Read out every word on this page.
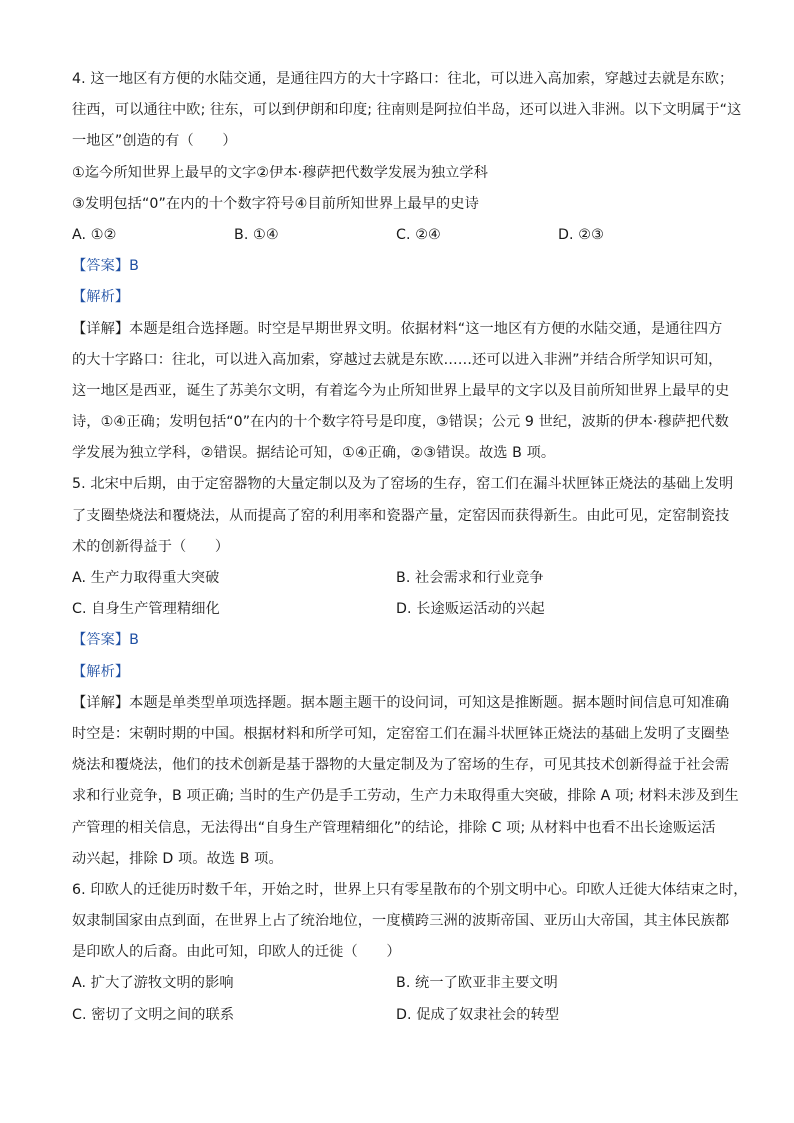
4. 这一地区有方便的水陆交通，是通往四方的大十字路口：往北，可以进入高加索，穿越过去就是东欧；
往西，可以通往中欧; 往东，可以到伊朗和印度; 往南则是阿拉伯半岛，还可以进入非洲。以下文明属于“这
一地区”创造的有（　　）
①迄今所知世界上最早的文字②伊本·穆萨把代数学发展为独立学科
③发明包括“0”在内的十个数字符号④目前所知世界上最早的史诗
A. ①②	B. ①④	C. ②④	D. ②③
【答案】B
【解析】
【详解】本题是组合选择题。时空是早期世界文明。依据材料“这一地区有方便的水陆交通，是通往四方
的大十字路口：往北，可以进入高加索，穿越过去就是东欧……还可以进入非洲”并结合所学知识可知，
这一地区是西亚，诞生了苏美尔文明，有着迄今为止所知世界上最早的文字以及目前所知世界上最早的史
诗，①④正确；发明包括“0”在内的十个数字符号是印度，③错误；公元 9 世纪，波斯的伊本·穆萨把代数
学发展为独立学科，②错误。据结论可知，①④正确，②③错误。故选 B 项。
5. 北宋中后期，由于定窑器物的大量定制以及为了窑场的生存，窑工们在漏斗状匣钵正烧法的基础上发明
了支圈垫烧法和覆烧法，从而提高了窑的利用率和瓷器产量，定窑因而获得新生。由此可见，定窑制瓷技
术的创新得益于（　　）
A. 生产力取得重大突破	B. 社会需求和行业竞争
C. 自身生产管理精细化	D. 长途贩运活动的兴起
【答案】B
【解析】
【详解】本题是单类型单项选择题。据本题主题干的设问词，可知这是推断题。据本题时间信息可知准确
时空是：宋朝时期的中国。根据材料和所学可知，定窑窑工们在漏斗状匣钵正烧法的基础上发明了支圈垫
烧法和覆烧法，他们的技术创新是基于器物的大量定制及为了窑场的生存，可见其技术创新得益于社会需
求和行业竞争，B 项正确; 当时的生产仍是手工劳动，生产力未取得重大突破，排除 A 项; 材料未涉及到生
产管理的相关信息，无法得出“自身生产管理精细化”的结论，排除 C 项; 从材料中也看不出长途贩运活
动兴起，排除 D 项。故选 B 项。
6. 印欧人的迁徙历时数千年，开始之时，世界上只有零星散布的个别文明中心。印欧人迁徙大体结束之时，
奴隶制国家由点到面，在世界上占了统治地位，一度横跨三洲的波斯帝国、亚历山大帝国，其主体民族都
是印欧人的后裔。由此可知，印欧人的迁徙（　　）
A. 扩大了游牧文明的影响	B. 统一了欧亚非主要文明
C. 密切了文明之间的联系	D. 促成了奴隶社会的转型
